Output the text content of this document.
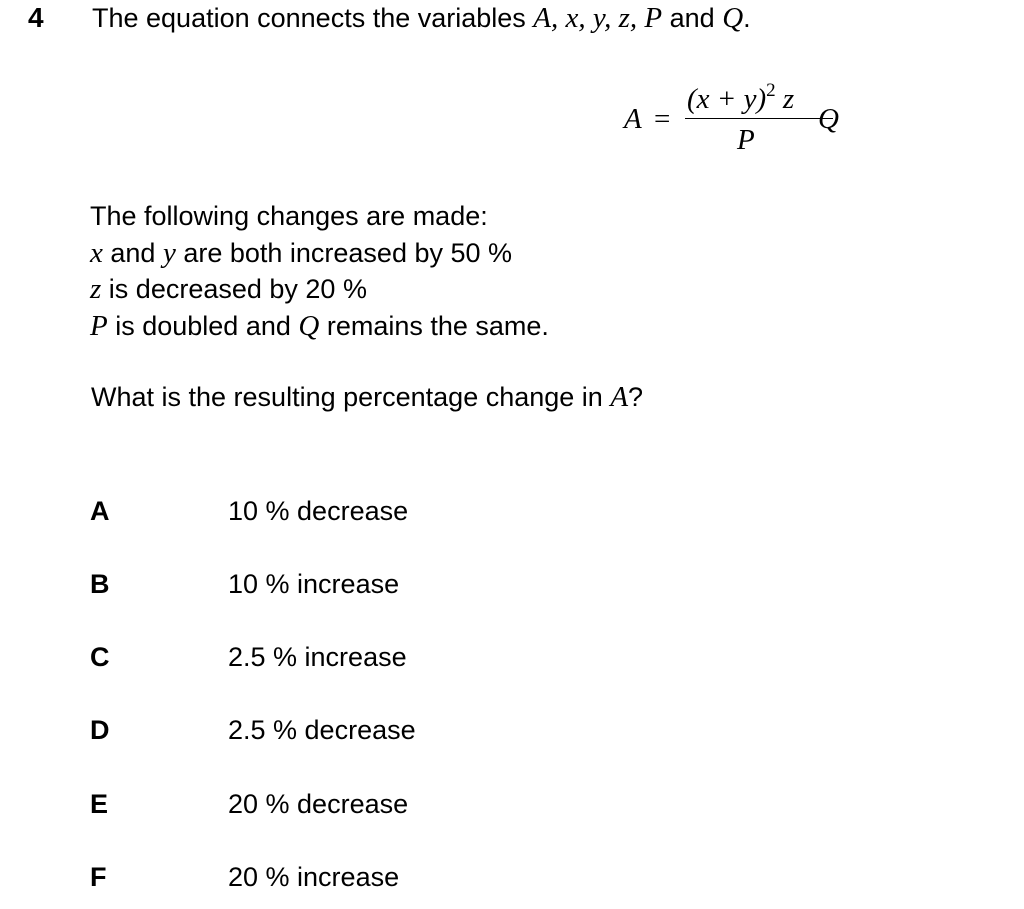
4 The equation connects the variables A, x, y, z, P and Q.
A =
$(x + y)^2$ z
P
Q
The following changes are made:
x and y are both increased by 50 %
z is decreased by 20 %
P is doubled and Q remains the same.
What is the resulting percentage change in A?
A	10 % decrease
B	10 % increase
C	2.5 % increase
D	2.5 % decrease
E	20 % decrease
F	20 % increase
